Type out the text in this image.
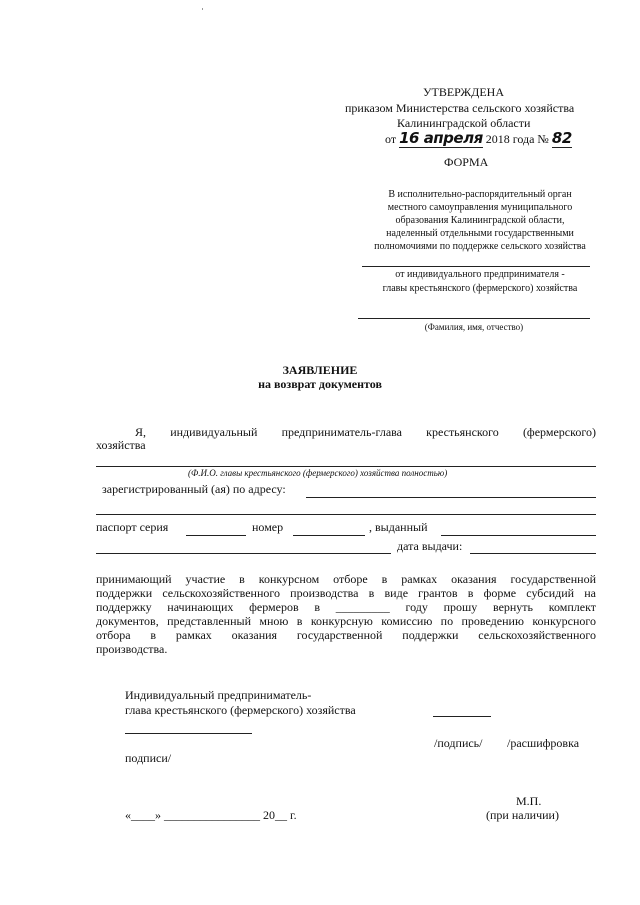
УТВЕРЖДЕНА
приказом Министерства сельского хозяйства
Калининградской области
от 16 апреля 2018 года № 82
ФОРМА
В исполнительно-распорядительный орган
местного самоуправления муниципального
образования Калининградской области,
наделенный отдельными государственными
полномочиями по поддержке сельского хозяйства
от индивидуального предпринимателя -
главы крестьянского (фермерского) хозяйства
(Фамилия, имя, отчество)
ЗАЯВЛЕНИЕ
на возврат документов
Я, индивидуальный предприниматель-глава крестьянского (фермерского)
хозяйства
(Ф.И.О. главы крестьянского (фермерского) хозяйства полностью)
зарегистрированный (ая) по адресу:
паспорт серия	номер	, выданный
дата выдачи:
принимающий участие в конкурсном отборе в рамках оказания государственной
поддержки сельскохозяйственного производства в виде грантов в форме субсидий на
поддержку начинающих фермеров в _________ году прошу вернуть комплект
документов, представленный мною в конкурсную комиссию по проведению конкурсного
отбора в рамках оказания государственной поддержки сельскохозяйственного
производства.
Индивидуальный предприниматель-
глава крестьянского (фермерского) хозяйства
/подпись/ /расшифровка
подписи/
М.П.
«____» ________________ 20__ г.	(при наличии)
